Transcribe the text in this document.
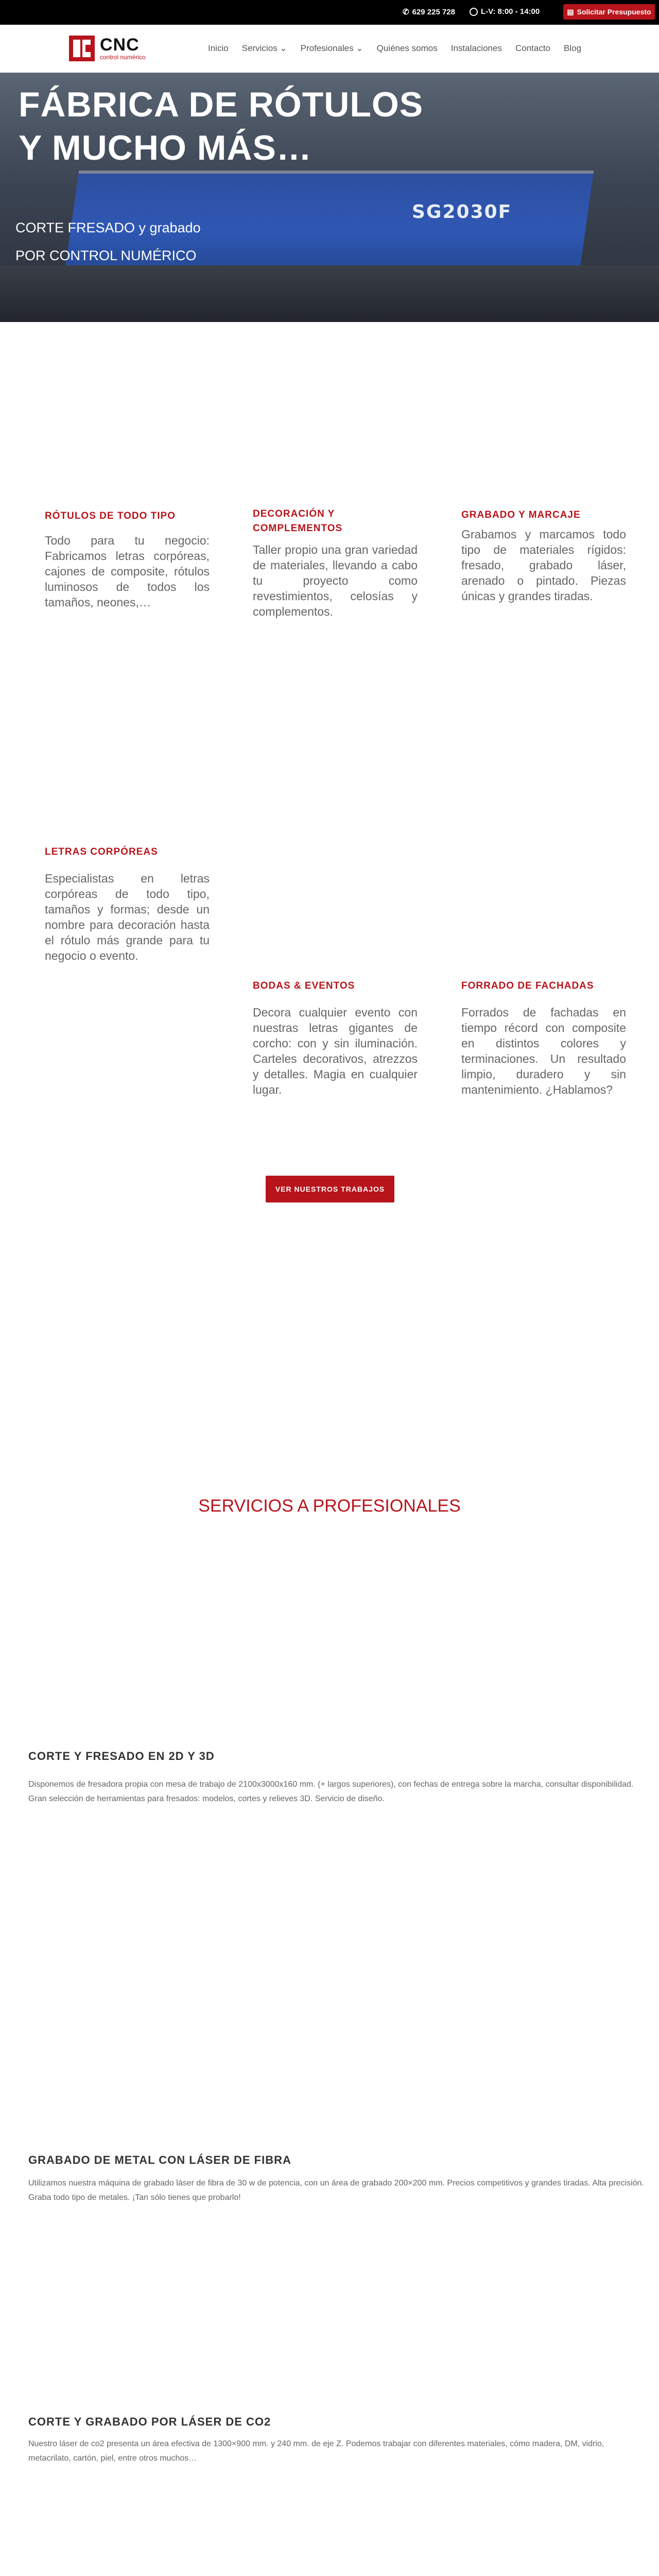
✆ 629 225 728	L-V: 8:00 - 14:00	▤ Solicitar Presupuesto
CNC
control numérico
Inicio Servicios ⌄ Profesionales ⌄ Quiénes somos Instalaciones Contacto Blog
SG2030F
FÁBRICA DE RÓTULOS
Y MUCHO MÁS…
CORTE FRESADO y grabado
POR CONTROL NUMÉRICO
RÓTULOS DE TODO TIPO
Todo para tu negocio: Fabricamos letras corpóreas, cajones de composite, rótulos luminosos de todos los tamaños, neones,…
DECORACIÓN Y COMPLEMENTOS
Taller propio una gran variedad de materiales, llevando a cabo tu proyecto como revestimientos, celosías y complementos.
GRABADO Y MARCAJE
Grabamos y marcamos todo tipo de materiales rígidos: fresado, grabado láser, arenado o pintado. Piezas únicas y grandes tiradas.
LETRAS CORPÓREAS
Especialistas en letras corpóreas de todo tipo, tamaños y formas; desde un nombre para decoración hasta el rótulo más grande para tu negocio o evento.
BODAS & EVENTOS
Decora cualquier evento con nuestras letras gigantes de corcho: con y sin iluminación. Carteles decorativos, atrezzos y detalles. Magia en cualquier lugar.
FORRADO DE FACHADAS
Forrados de fachadas en tiempo récord con composite en distintos colores y terminaciones. Un resultado limpio, duradero y sin mantenimiento. ¿Hablamos?
VER NUESTROS TRABAJOS
SERVICIOS A PROFESIONALES
CORTE Y FRESADO EN 2D Y 3D
Disponemos de fresadora propia con mesa de trabajo de 2100x3000x160 mm. (+ largos superiores), con fechas de entrega sobre la marcha, consultar disponibilidad. Gran selección de herramientas para fresados: modelos, cortes y relieves 3D. Servicio de diseño.
GRABADO DE METAL CON LÁSER DE FIBRA
Utilizamos nuestra máquina de grabado láser de fibra de 30 w de potencia, con un área de grabado 200×200 mm. Precios competitivos y grandes tiradas. Alta precisión. Graba todo tipo de metales. ¡Tan sólo tienes que probarlo!
CORTE Y GRABADO POR LÁSER DE CO2
Nuestro láser de co2 presenta un área efectiva de 1300×900 mm. y 240 mm. de eje Z. Podemos trabajar con diferentes materiales, cómo madera, DM, vidrio, metacrilato, cartón, piel, entre otros muchos…
